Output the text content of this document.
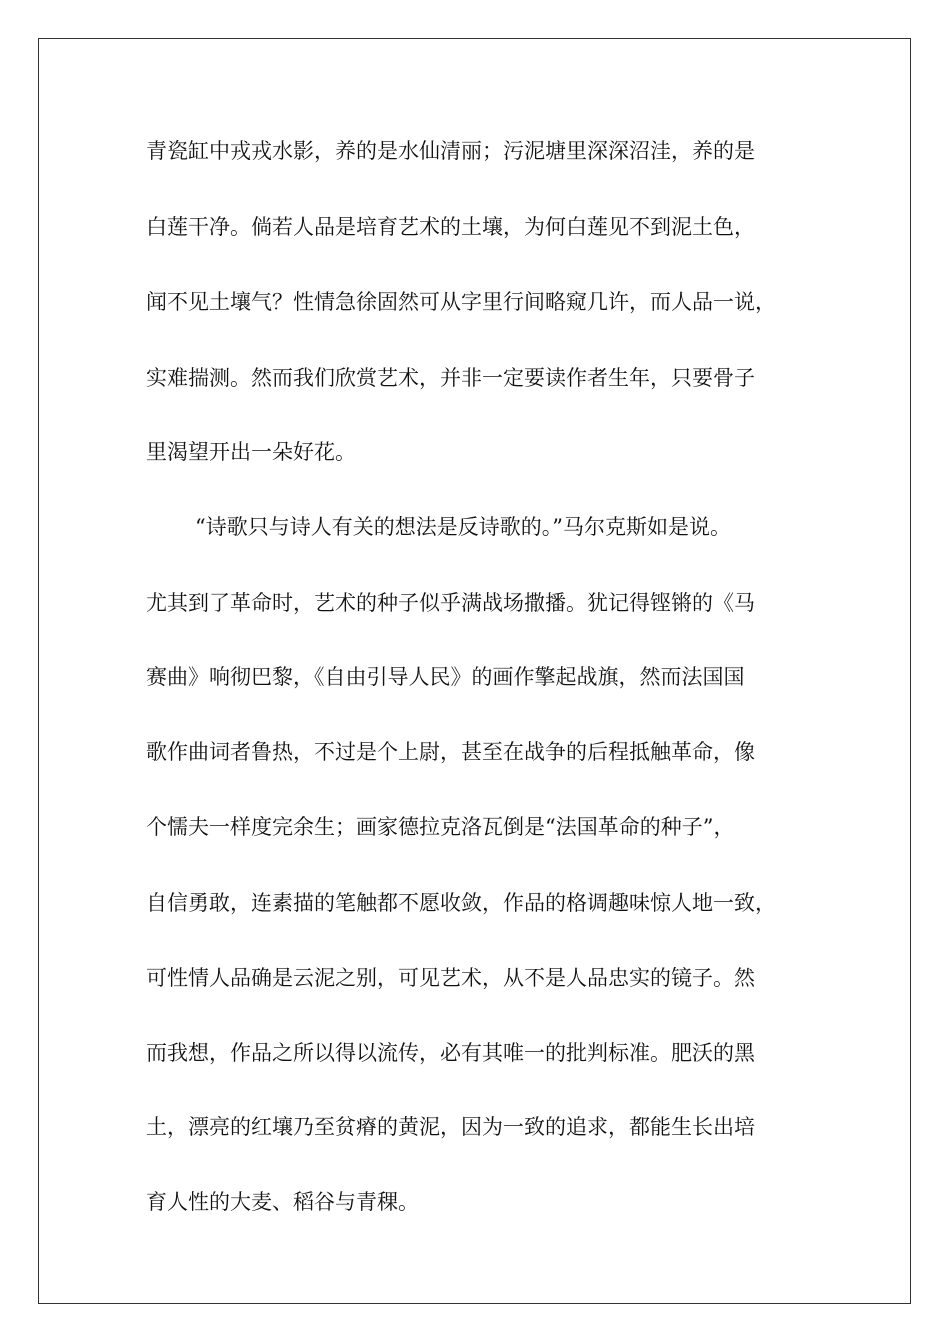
青瓷缸中戎戎水影，养的是水仙清丽；污泥塘里深深沼洼，养的是
白莲干净。倘若人品是培育艺术的土壤，为何白莲见不到泥土色，
闻不见土壤气？性情急徐固然可从字里行间略窥几许，而人品一说，
实难揣测。然而我们欣赏艺术，并非一定要读作者生年，只要骨子
里渴望开出一朵好花。
“诗歌只与诗人有关的想法是反诗歌的。”马尔克斯如是说。
尤其到了革命时，艺术的种子似乎满战场撒播。犹记得铿锵的《马
赛曲》响彻巴黎，《自由引导人民》的画作擎起战旗，然而法国国
歌作曲词者鲁热，不过是个上尉，甚至在战争的后程抵触革命，像
个懦夫一样度完余生；画家德拉克洛瓦倒是“法国革命的种子”，
自信勇敢，连素描的笔触都不愿收敛，作品的格调趣味惊人地一致，
可性情人品确是云泥之别，可见艺术，从不是人品忠实的镜子。然
而我想，作品之所以得以流传，必有其唯一的批判标准。肥沃的黑
土，漂亮的红壤乃至贫瘠的黄泥，因为一致的追求，都能生长出培
育人性的大麦、稻谷与青稞。
